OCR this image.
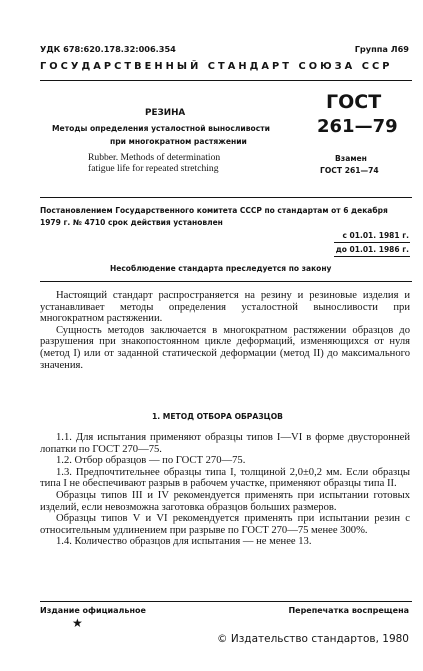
УДК 678:620.178.32:006.354	Группа Л69
ГОСУДАРСТВЕННЫЙ СТАНДАРТ СОЮЗА ССР
РЕЗИНА
Методы определения усталостной выносливости
при многократном растяжении
Rubber. Methods of determination
fatigue life for repeated stretching
ГОСТ
261—79
Взамен
ГОСТ 261—74
Постановлением Государственного комитета СССР по стандартам от 6 декабря
1979 г. № 4710 срок действия установлен
с 01.01. 1981 г.
до 01.01. 1986 г.
Несоблюдение стандарта преследуется по закону

Настоящий стандарт распространяется на резину и резиновые изделия и устанавливает методы определения усталостной выносливости при многократном растяжении.

Сущность методов заключается в многократном растяжении образцов до разрушения при знакопостоянном цикле деформаций, изменяющихся от нуля (метод I) или от заданной статической деформации (метод II) до максимального значения.

1. МЕТОД ОТБОРА ОБРАЗЦОВ

1.1. Для испытания применяют образцы типов I—VI в форме двусторонней лопатки по ГОСТ 270—75.

1.2. Отбор образцов — по ГОСТ 270—75.

1.3. Предпочтительнее образцы типа I, толщиной 2,0±0,2 мм. Если образцы типа I не обеспечивают разрыв в рабочем участке, применяют образцы типа II.

Образцы типов III и IV рекомендуется применять при испытании готовых изделий, если невозможна заготовка образцов больших размеров.

Образцы типов V и VI рекомендуется применять при испытании резин с относительным удлинением при разрыве по ГОСТ 270—75 менее 300%.

1.4. Количество образцов для испытания — не менее 13.

Издание официальное	Перепечатка воспрещена
★
© Издательство стандартов, 1980
